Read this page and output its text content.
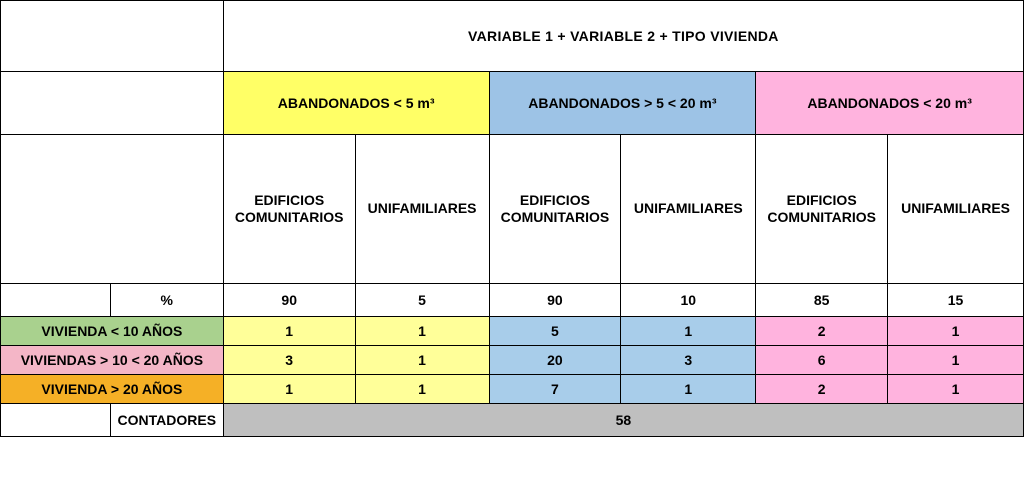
		VARIABLE 1 + VARIABLE 2 + TIPO VIVIENDA					
		ABANDONADOS < 5 m³		ABANDONADOS > 5 < 20 m³		ABANDONADOS < 20 m³	
		EDIFICIOS COMUNITARIOS	UNIFAMILIARES	EDIFICIOS COMUNITARIOS	UNIFAMILIARES	EDIFICIOS COMUNITARIOS	UNIFAMILIARES
	%	90	5	90	10	85	15
VIVIENDA < 10 AÑOS		1	1	5	1	2	1
VIVIENDAS > 10 < 20 AÑOS		3	1	20	3	6	1
VIVIENDA > 20 AÑOS		1	1	7	1	2	1
	CONTADORES	58					
